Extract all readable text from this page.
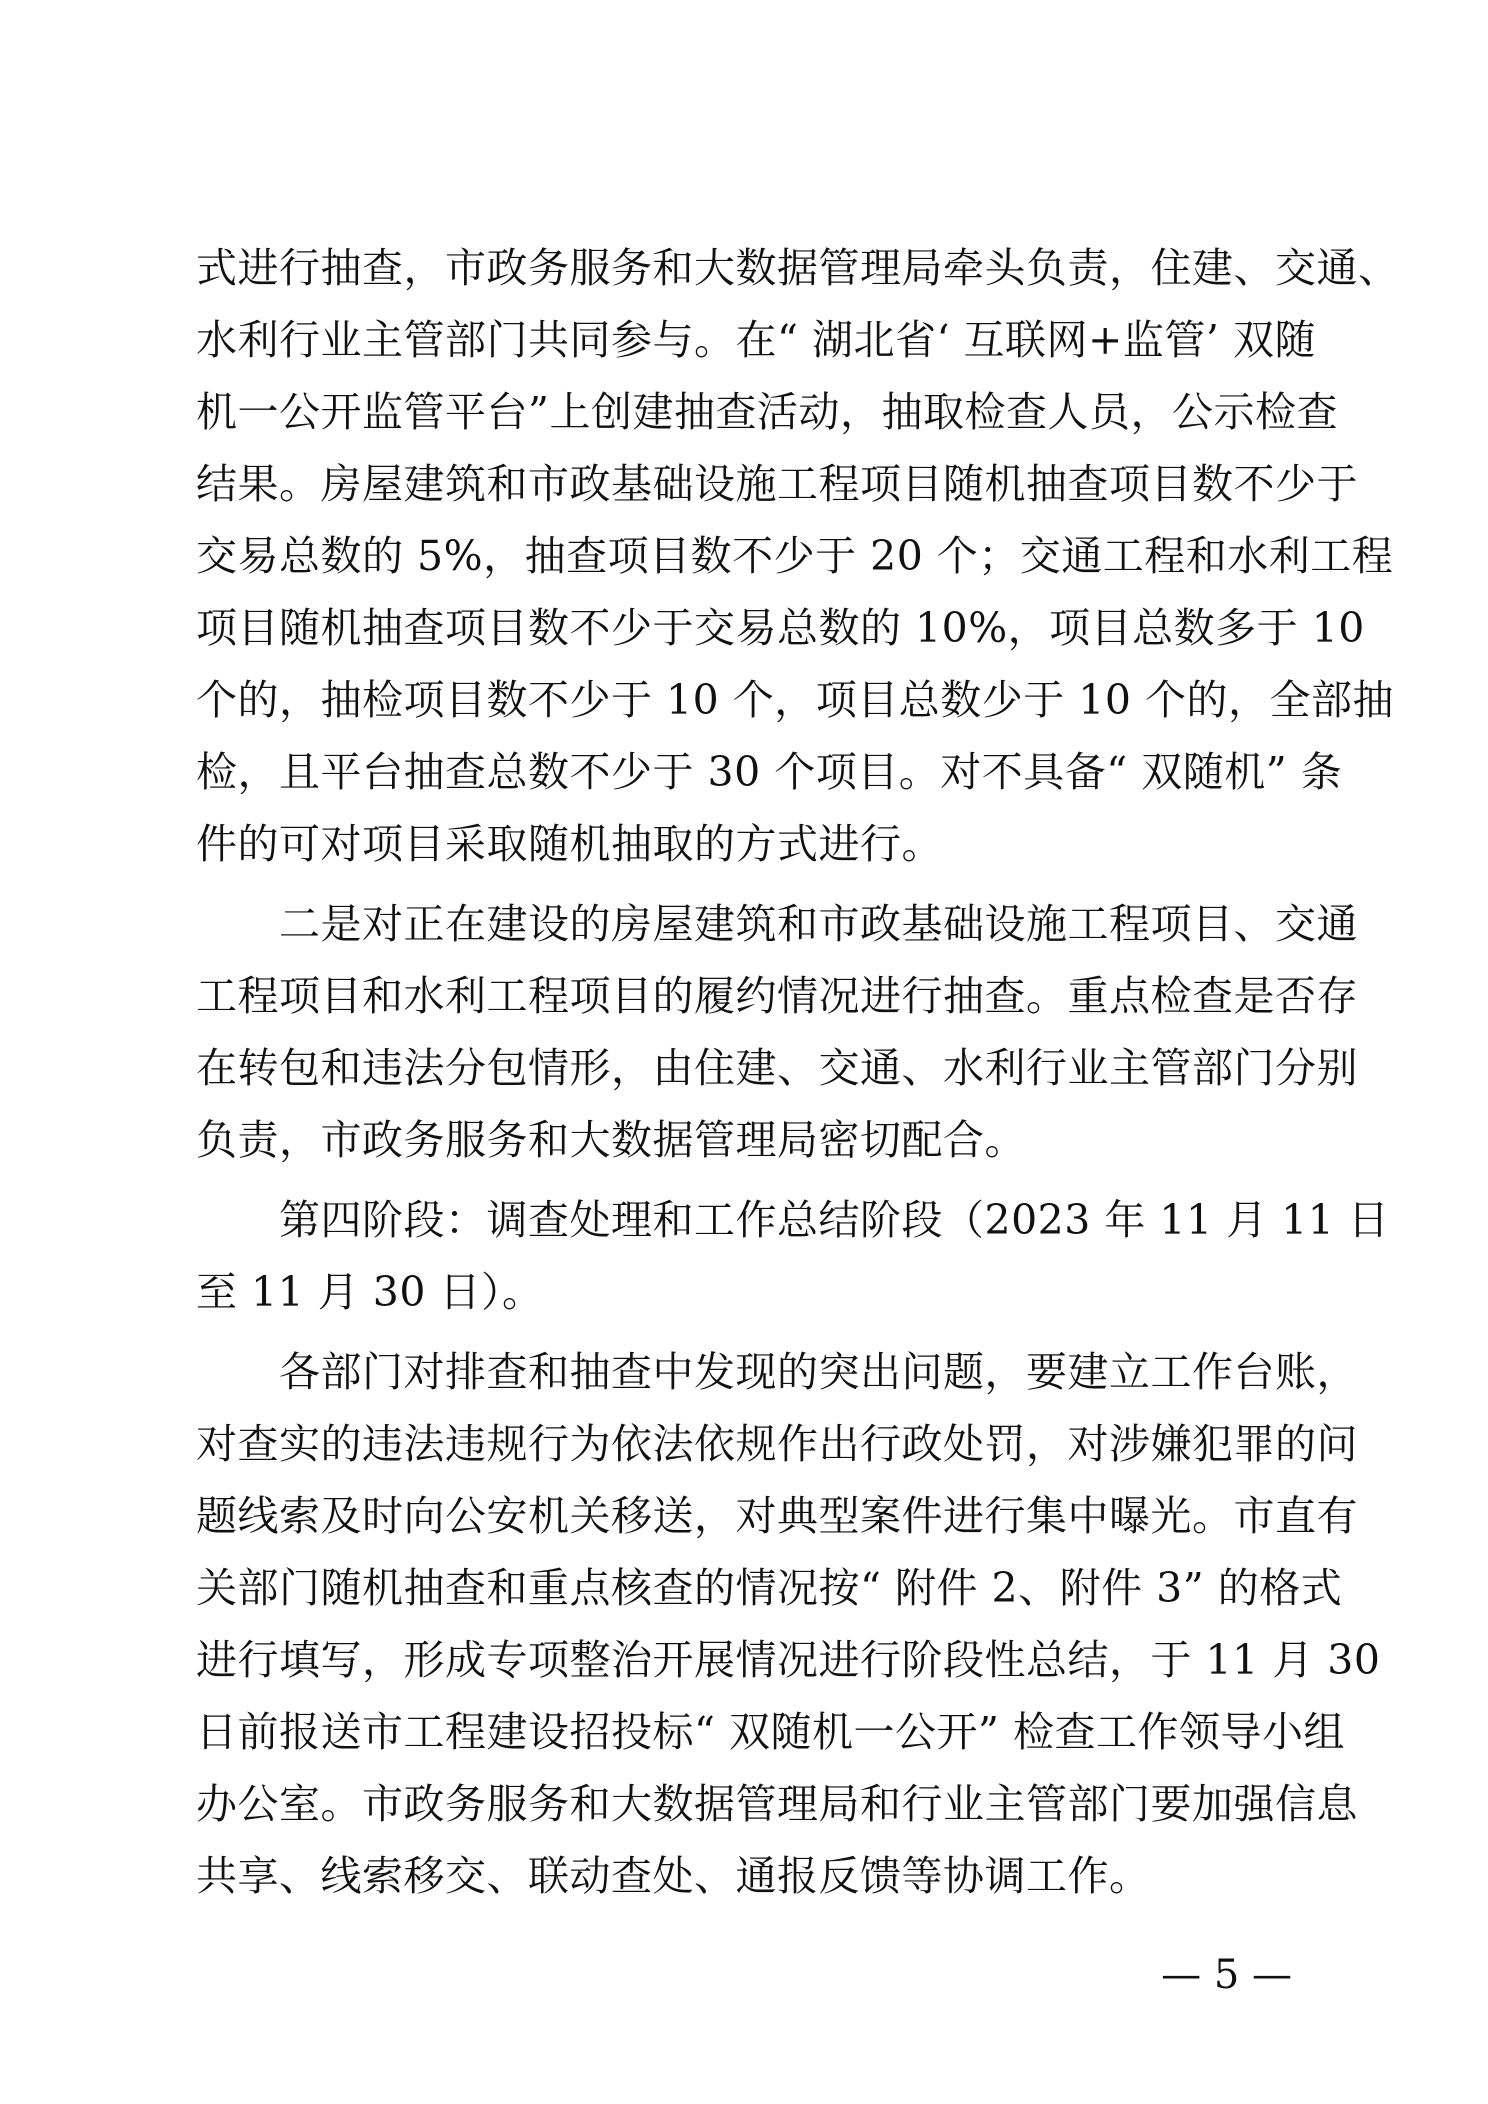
式进行抽查，市政务服务和大数据管理局牵头负责，住建、交通、
水利行业主管部门共同参与。在“ 湖北省‘ 互联网+监管’ 双随
机一公开监管平台”上创建抽查活动，抽取检查人员，公示检查
结果。房屋建筑和市政基础设施工程项目随机抽查项目数不少于
交易总数的 5%，抽查项目数不少于 20 个；交通工程和水利工程
项目随机抽查项目数不少于交易总数的 10%，项目总数多于 10
个的，抽检项目数不少于 10 个，项目总数少于 10 个的，全部抽
检，且平台抽查总数不少于 30 个项目。对不具备“ 双随机” 条
件的可对项目采取随机抽取的方式进行。
　　二是对正在建设的房屋建筑和市政基础设施工程项目、交通
工程项目和水利工程项目的履约情况进行抽查。重点检查是否存
在转包和违法分包情形，由住建、交通、水利行业主管部门分别
负责，市政务服务和大数据管理局密切配合。
　　第四阶段：调查处理和工作总结阶段（2023 年 11 月 11 日
至 11 月 30 日）。
　　各部门对排查和抽查中发现的突出问题，要建立工作台账，
对查实的违法违规行为依法依规作出行政处罚，对涉嫌犯罪的问
题线索及时向公安机关移送，对典型案件进行集中曝光。市直有
关部门随机抽查和重点核查的情况按“ 附件 2、附件 3” 的格式
进行填写，形成专项整治开展情况进行阶段性总结，于 11 月 30
日前报送市工程建设招投标“ 双随机一公开” 检查工作领导小组
办公室。市政务服务和大数据管理局和行业主管部门要加强信息
共享、线索移交、联动查处、通报反馈等协调工作。
— 5 —
